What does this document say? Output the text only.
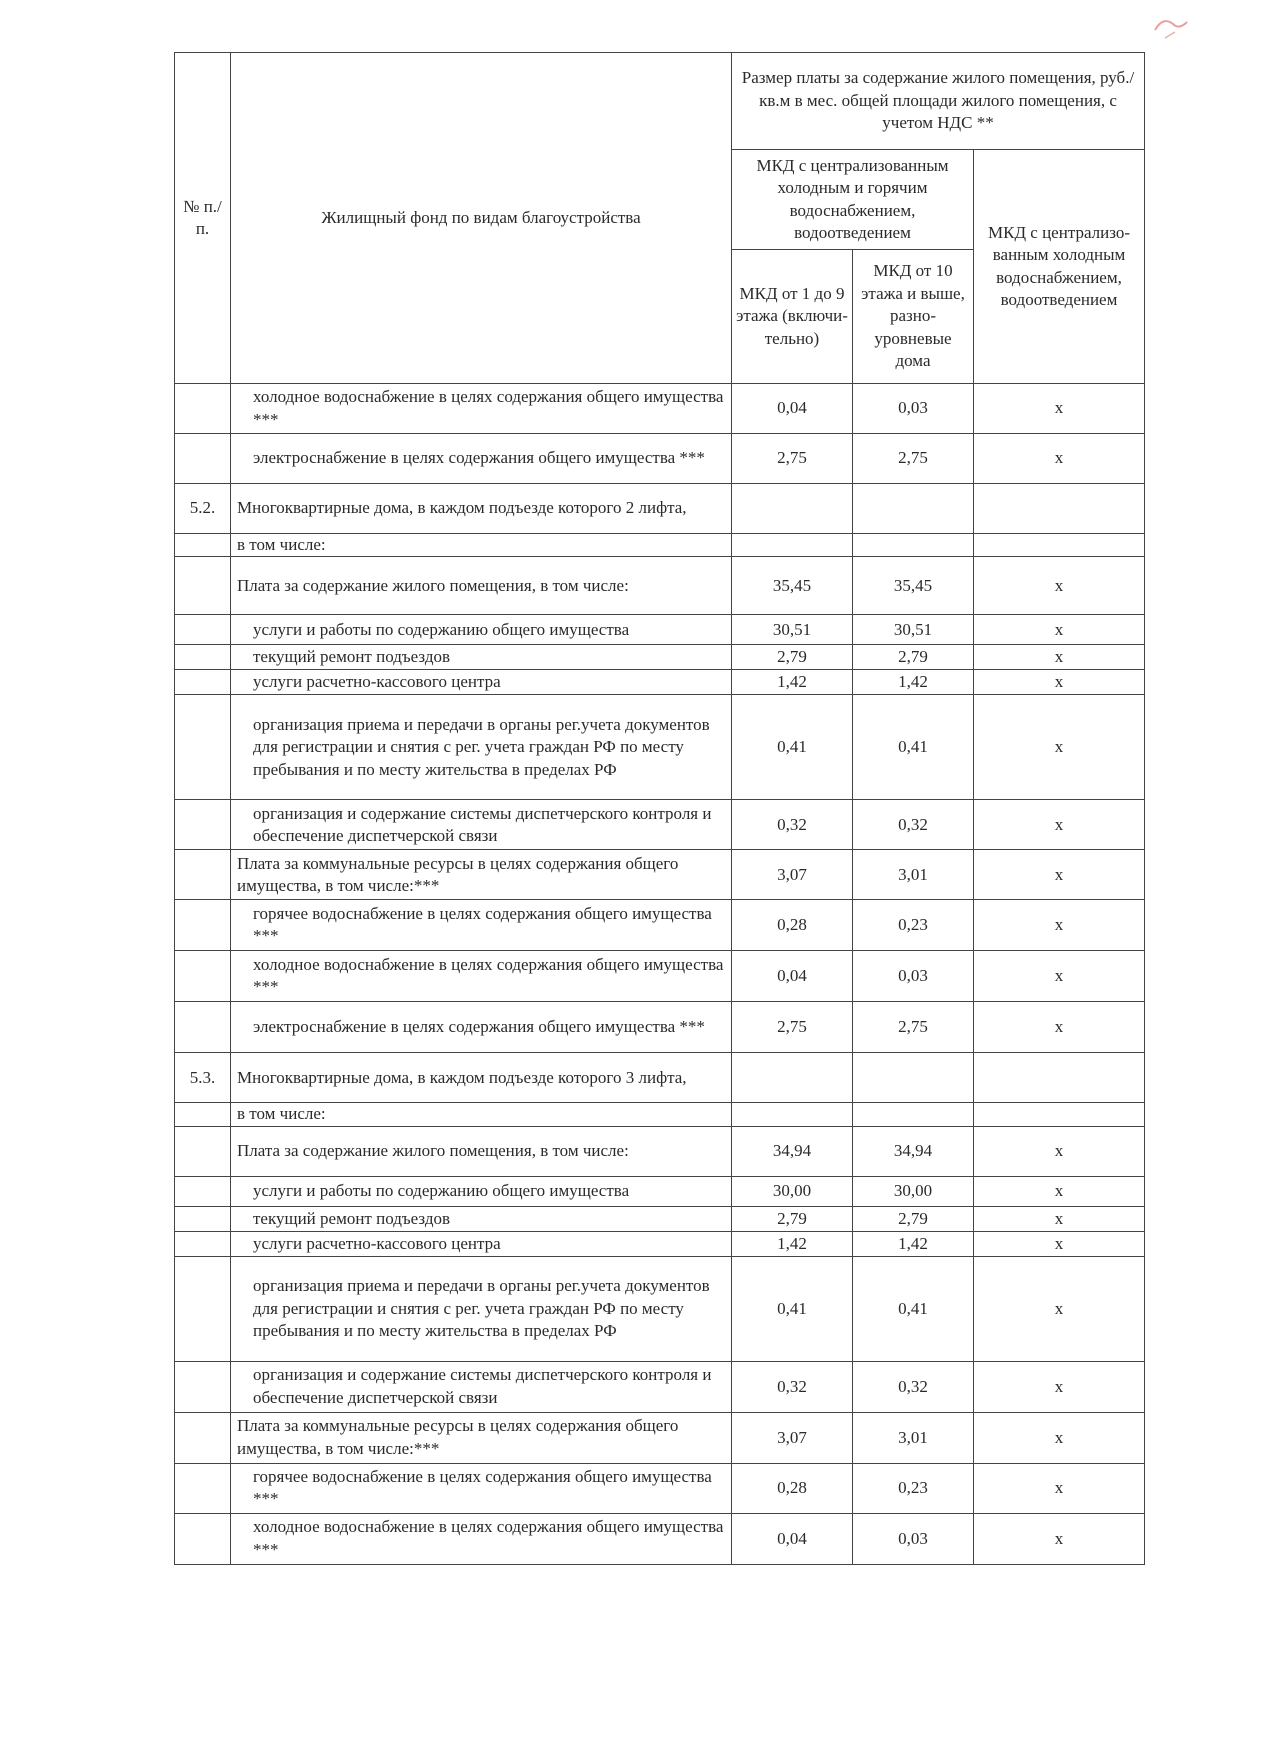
№ п./п.	Жилищный фонд по видам благоустройства	Размер платы за содержание жилого помещения, руб./кв.м в мес. общей площади жилого помещения, с учетом НДС **		
		МКД с централизованным холодным и горячим водоснабжением, водоотведением		МКД с централизо-ванным холодным водоснабжением, водоотведением
		МКД от 1 до 9 этажа (включи-тельно)	МКД от 10 этажа и выше, разно-уровневые дома	
	холодное водоснабжение в целях содержания общего имущества ***	0,04	0,03	х
	электроснабжение в целях содержания общего имущества ***	2,75	2,75	х
5.2.	Многоквартирные дома, в каждом подъезде которого 2 лифта,			
	в том числе:			
	Плата за содержание жилого помещения, в том числе:	35,45	35,45	х
	услуги и работы по содержанию общего имущества	30,51	30,51	х
	текущий ремонт подъездов	2,79	2,79	х
	услуги расчетно-кассового центра	1,42	1,42	х
	организация приема и передачи в органы рег.учета документов для регистрации и снятия с рег. учета граждан РФ по месту пребывания и по месту жительства в пределах РФ	0,41	0,41	х
	организация и содержание системы диспетчерского контроля и обеспечение диспетчерской связи	0,32	0,32	х
	Плата за коммунальные ресурсы в целях содержания общего имущества, в том числе:***	3,07	3,01	х
	горячее водоснабжение в целях содержания общего имущества ***	0,28	0,23	х
	холодное водоснабжение в целях содержания общего имущества ***	0,04	0,03	х
	электроснабжение в целях содержания общего имущества ***	2,75	2,75	х
5.3.	Многоквартирные дома, в каждом подъезде которого 3 лифта,			
	в том числе:			
	Плата за содержание жилого помещения, в том числе:	34,94	34,94	х
	услуги и работы по содержанию общего имущества	30,00	30,00	х
	текущий ремонт подъездов	2,79	2,79	х
	услуги расчетно-кассового центра	1,42	1,42	х
	организация приема и передачи в органы рег.учета документов для регистрации и снятия с рег. учета граждан РФ по месту пребывания и по месту жительства в пределах РФ	0,41	0,41	х
	организация и содержание системы диспетчерского контроля и обеспечение диспетчерской связи	0,32	0,32	х
	Плата за коммунальные ресурсы в целях содержания общего имущества, в том числе:***	3,07	3,01	х
	горячее водоснабжение в целях содержания общего имущества ***	0,28	0,23	х
	холодное водоснабжение в целях содержания общего имущества ***	0,04	0,03	х
